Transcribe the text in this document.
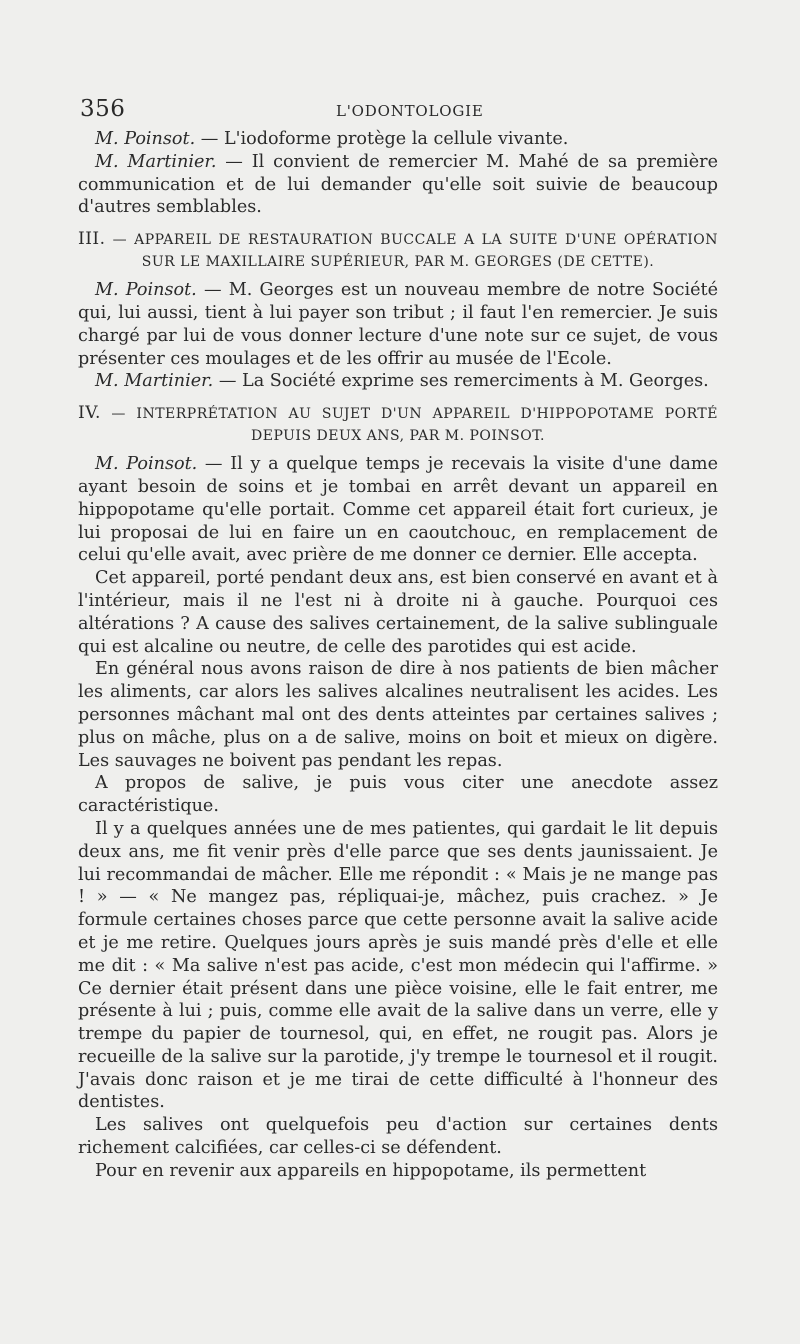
356	L'ODONTOLOGIE

M. Poinsot. — L'iodoforme protège la cellule vivante.

M. Martinier. — Il convient de remercier M. Mahé de sa première communication et de lui demander qu'elle soit suivie de beaucoup d'autres semblables.

III. — APPAREIL DE RESTAURATION BUCCALE A LA SUITE D'UNE OPÉRATION
SUR LE MAXILLAIRE SUPÉRIEUR, PAR M. GEORGES (DE CETTE).

M. Poinsot. — M. Georges est un nouveau membre de notre Société qui, lui aussi, tient à lui payer son tribut ; il faut l'en remercier. Je suis chargé par lui de vous donner lecture d'une note sur ce sujet, de vous présenter ces moulages et de les offrir au musée de l'Ecole.

M. Martinier. — La Société exprime ses remerciments à M. Georges.

IV. — INTERPRÉTATION AU SUJET D'UN APPAREIL D'HIPPOPOTAME PORTÉ
DEPUIS DEUX ANS, PAR M. POINSOT.

M. Poinsot. — Il y a quelque temps je recevais la visite d'une dame ayant besoin de soins et je tombai en arrêt devant un appareil en hippopotame qu'elle portait. Comme cet appareil était fort curieux, je lui proposai de lui en faire un en caoutchouc, en remplacement de celui qu'elle avait, avec prière de me donner ce dernier. Elle accepta.

Cet appareil, porté pendant deux ans, est bien conservé en avant et à l'intérieur, mais il ne l'est ni à droite ni à gauche. Pourquoi ces altérations ? A cause des salives certainement, de la salive sublinguale qui est alcaline ou neutre, de celle des parotides qui est acide.

En général nous avons raison de dire à nos patients de bien mâcher les aliments, car alors les salives alcalines neutralisent les acides. Les personnes mâchant mal ont des dents atteintes par certaines salives ; plus on mâche, plus on a de salive, moins on boit et mieux on digère. Les sauvages ne boivent pas pendant les repas.

A propos de salive, je puis vous citer une anecdote assez caractéristique.

Il y a quelques années une de mes patientes, qui gardait le lit depuis deux ans, me fit venir près d'elle parce que ses dents jaunissaient. Je lui recommandai de mâcher. Elle me répondit : « Mais je ne mange pas ! » — « Ne mangez pas, répliquai-je, mâchez, puis crachez. » Je formule certaines choses parce que cette personne avait la salive acide et je me retire. Quelques jours après je suis mandé près d'elle et elle me dit : « Ma salive n'est pas acide, c'est mon médecin qui l'affirme. » Ce dernier était présent dans une pièce voisine, elle le fait entrer, me présente à lui ; puis, comme elle avait de la salive dans un verre, elle y trempe du papier de tournesol, qui, en effet, ne rougit pas. Alors je recueille de la salive sur la parotide, j'y trempe le tournesol et il rougit. J'avais donc raison et je me tirai de cette difficulté à l'honneur des dentistes.

Les salives ont quelquefois peu d'action sur certaines dents richement calcifiées, car celles-ci se défendent.

Pour en revenir aux appareils en hippopotame, ils permettent
